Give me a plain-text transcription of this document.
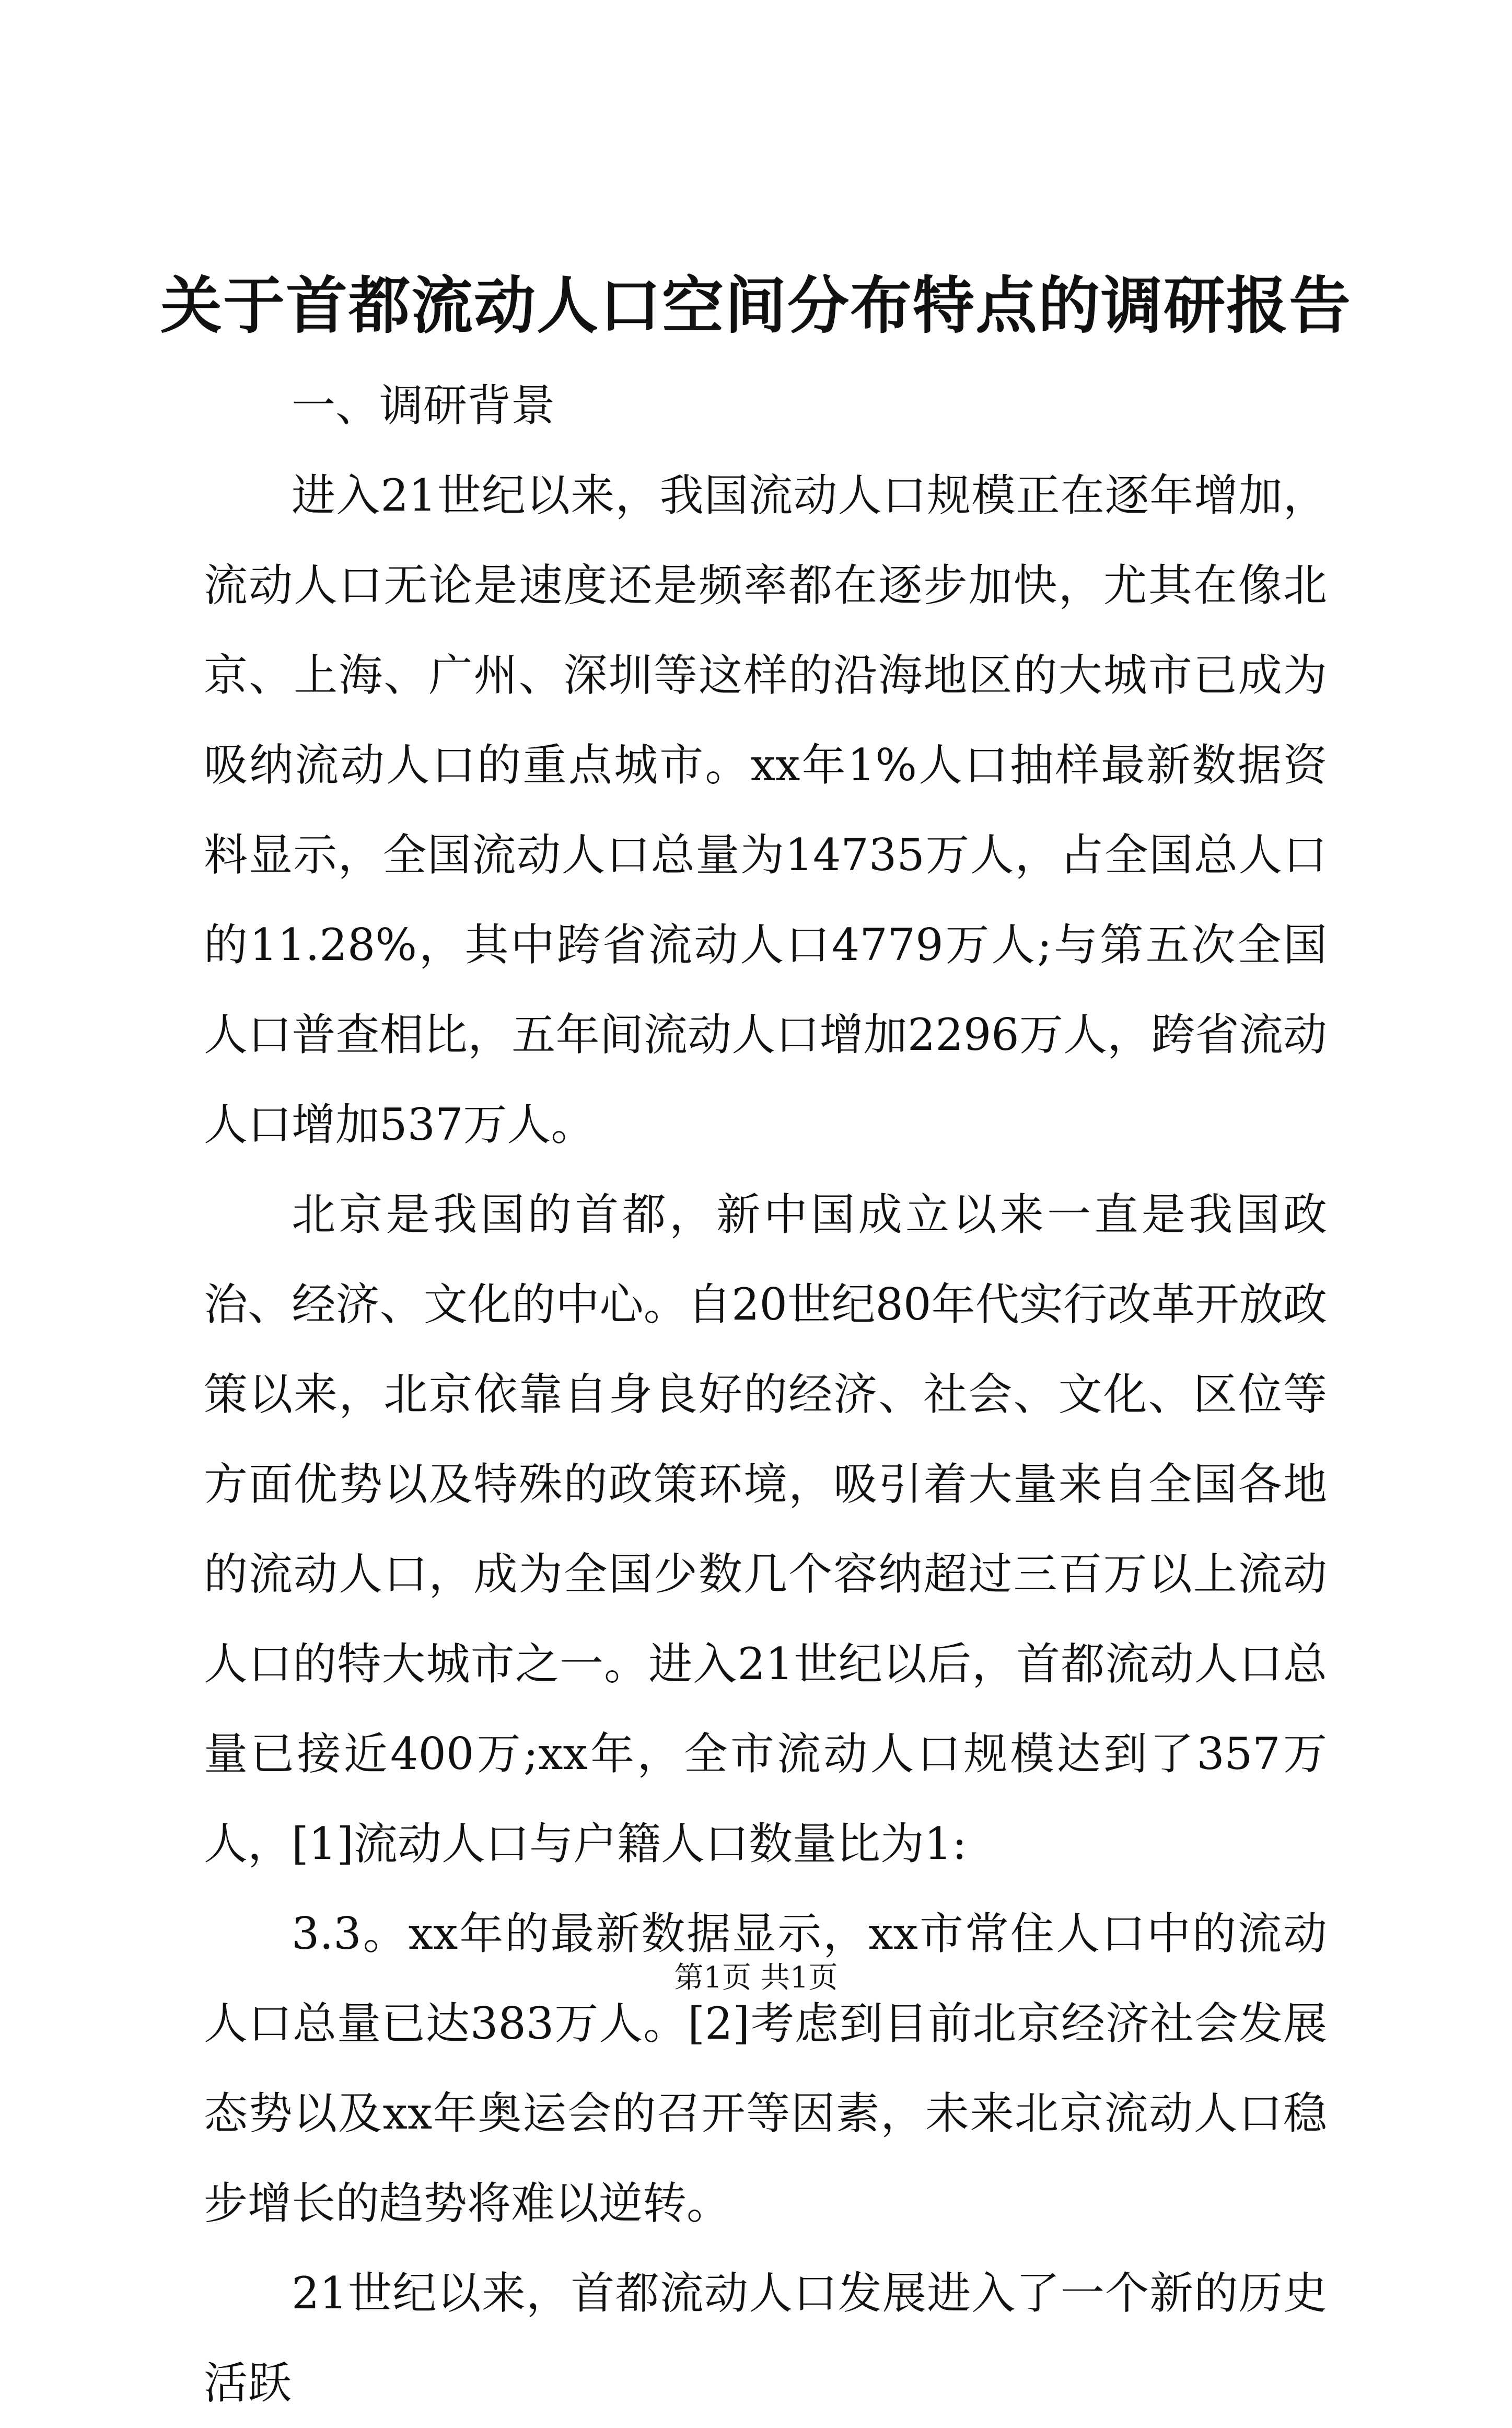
关于首都流动人口空间分布特点的调研报告

一、调研背景

进入21世纪以来，我国流动人口规模正在逐年增加，流动人口无论是速度还是频率都在逐步加快，尤其在像北京、上海、广州、深圳等这样的沿海地区的大城市已成为吸纳流动人口的重点城市。xx年1%人口抽样最新数据资料显示，全国流动人口总量为14735万人，占全国总人口的11.28%，其中跨省流动人口4779万人;与第五次全国人口普查相比，五年间流动人口增加2296万人，跨省流动人口增加537万人。

北京是我国的首都，新中国成立以来一直是我国政治、经济、文化的中心。自20世纪80年代实行改革开放政策以来，北京依靠自身良好的经济、社会、文化、区位等方面优势以及特殊的政策环境，吸引着大量来自全国各地的流动人口，成为全国少数几个容纳超过三百万以上流动人口的特大城市之一。进入21世纪以后，首都流动人口总量已接近400万;xx年，全市流动人口规模达到了357万人，[1]流动人口与户籍人口数量比为1:

3.3。xx年的最新数据显示，xx市常住人口中的流动人口总量已达383万人。[2]考虑到目前北京经济社会发展态势以及xx年奥运会的召开等因素，未来北京流动人口稳步增长的趋势将难以逆转。

21世纪以来，首都流动人口发展进入了一个新的历史活跃

第1页 共1页
